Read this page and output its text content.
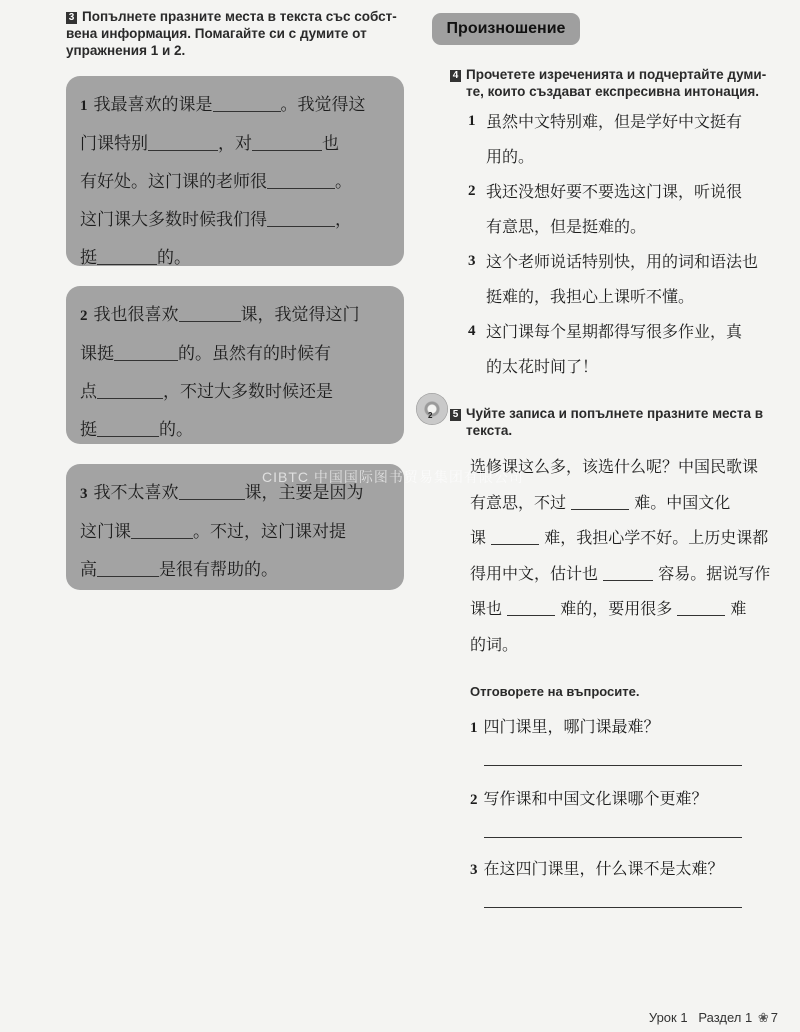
3 Попълнете празните места в текста със собст-
вена информация. Помагайте си с думите от
упражнения 1 и 2.
1 我最喜欢的课是	。我觉得这
门课特别	，对	也
有好处。这门课的老师很	。
这门课大多数时候我们得	，
挺	的。
2 我也很喜欢	课，我觉得这门
课挺	的。虽然有的时候有
点	，不过大多数时候还是
挺	的。
3 我不太喜欢	课，主要是因为
这门课	。不过，这门课对提
高	是很有帮助的。
Произношение
4 Прочетете изреченията и подчертайте думи-
те, които създават експресивна интонация.
1 虽然中文特别难，但是学好中文挺有
用的。
2 我还没想好要不要选这门课，听说很
有意思，但是挺难的。
3 这个老师说话特别快，用的词和语法也
挺难的，我担心上课听不懂。
4 这门课每个星期都得写很多作业，真
的太花时间了！
2 5 Чуйте записа и попълнете празните места в
текста.
选修课这么多，该选什么呢？中国民歌课
有意思，不过	难。中国文化
课	难，我担心学不好。上历史课都
得用中文，估计也	容易。据说写作
课也	难的，要用很多	难
的词。
Отговорете на въпросите.
1 四门课里，哪门课最难？
2 写作课和中国文化课哪个更难？
3 在这四门课里，什么课不是太难？
CIBTC 中国国际图书贸易集团有限公司
Урок 1 Раздел 1 ❀ 7
